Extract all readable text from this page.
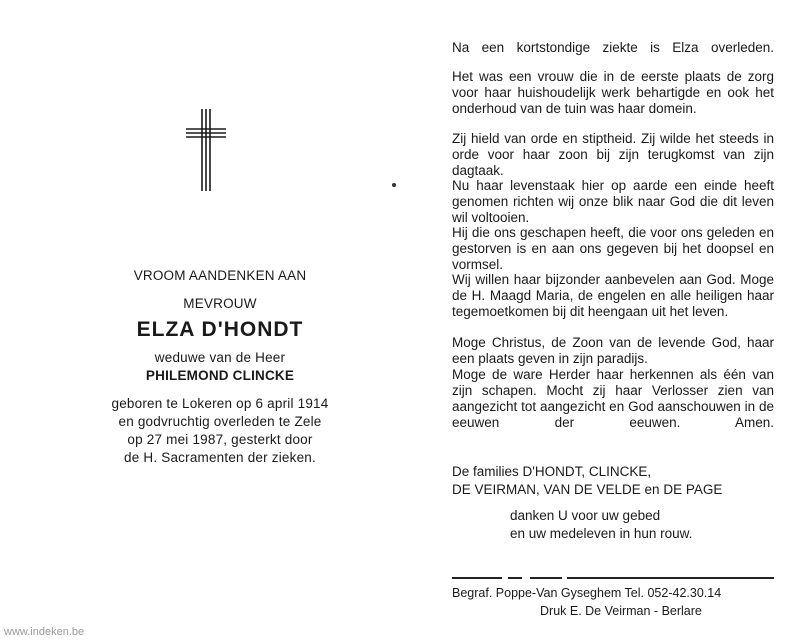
VROOM AANDENKEN AAN
MEVROUW
ELZA D'HONDT
weduwe van de Heer
PHILEMOND CLINCKE
geboren te Lokeren op 6 april 1914
en godvruchtig overleden te Zele
op 27 mei 1987, gesterkt door
de H. Sacramenten der zieken.
Na een kortstondige ziekte is Elza overleden.
Het was een vrouw die in de eerste plaats de zorg voor haar huishoudelijk werk behartigde en ook het onderhoud van de tuin was haar domein.
Zij hield van orde en stiptheid. Zij wilde het steeds in orde voor haar zoon bij zijn terugkomst van zijn dagtaak.
Nu haar levenstaak hier op aarde een einde heeft genomen richten wij onze blik naar God die dit leven wil voltooien.
Hij die ons geschapen heeft, die voor ons geleden en gestorven is en aan ons gegeven bij het doopsel en vormsel.
Wij willen haar bijzonder aanbevelen aan God. Moge de H. Maagd Maria, de engelen en alle heiligen haar tegemoetkomen bij dit heengaan uit het leven.
Moge Christus, de Zoon van de levende God, haar een plaats geven in zijn paradijs.
Moge de ware Herder haar herkennen als één van zijn schapen. Mocht zij haar Verlosser zien van aangezicht tot aangezicht en God aanschouwen in de eeuwen der eeuwen. Amen.
De families D'HONDT, CLINCKE,
DE VEIRMAN, VAN DE VELDE en DE PAGE
danken U voor uw gebed
en uw medeleven in hun rouw.
Begraf. Poppe-Van Gyseghem Tel. 052-42.30.14
Druk E. De Veirman - Berlare
www.indeken.be
